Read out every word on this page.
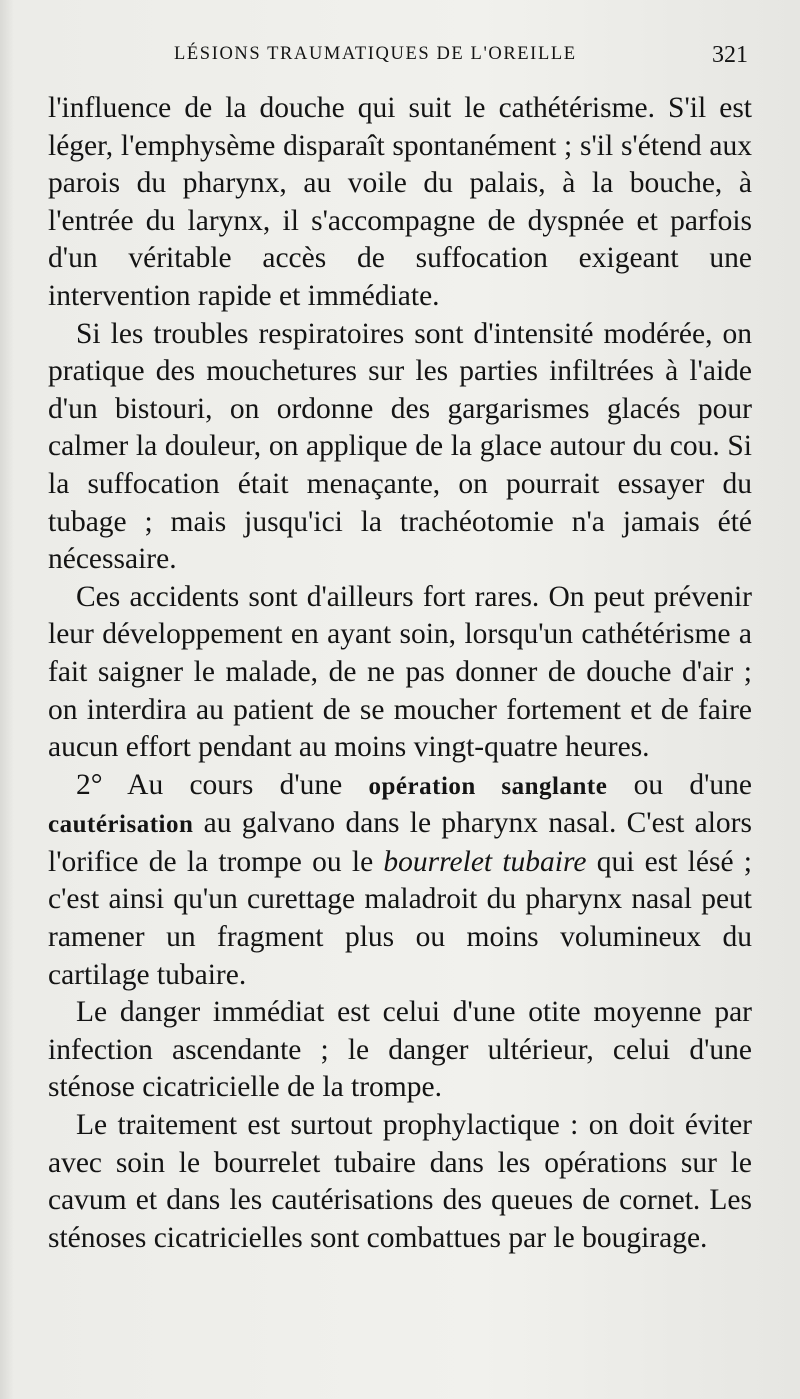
LÉSIONS TRAUMATIQUES DE L'OREILLE	321

l'influence de la douche qui suit le cathétérisme. S'il est léger, l'emphysème disparaît spontanément ; s'il s'étend aux parois du pharynx, au voile du palais, à la bouche, à l'entrée du larynx, il s'accompagne de dyspnée et parfois d'un véritable accès de suffocation exigeant une intervention rapide et immédiate.

Si les troubles respiratoires sont d'intensité modérée, on pratique des mouchetures sur les parties infiltrées à l'aide d'un bistouri, on ordonne des gargarismes glacés pour calmer la douleur, on applique de la glace autour du cou. Si la suffocation était menaçante, on pourrait essayer du tubage ; mais jusqu'ici la trachéotomie n'a jamais été nécessaire.

Ces accidents sont d'ailleurs fort rares. On peut prévenir leur développement en ayant soin, lorsqu'un cathétérisme a fait saigner le malade, de ne pas donner de douche d'air ; on interdira au patient de se moucher fortement et de faire aucun effort pendant au moins vingt-quatre heures.

2° Au cours d'une opération sanglante ou d'une cautérisation au galvano dans le pharynx nasal. C'est alors l'orifice de la trompe ou le bourrelet tubaire qui est lésé ; c'est ainsi qu'un curettage maladroit du pharynx nasal peut ramener un fragment plus ou moins volumineux du cartilage tubaire.

Le danger immédiat est celui d'une otite moyenne par infection ascendante ; le danger ultérieur, celui d'une sténose cicatricielle de la trompe.

Le traitement est surtout prophylactique : on doit éviter avec soin le bourrelet tubaire dans les opérations sur le cavum et dans les cautérisations des queues de cornet. Les sténoses cicatricielles sont combattues par le bougirage.
